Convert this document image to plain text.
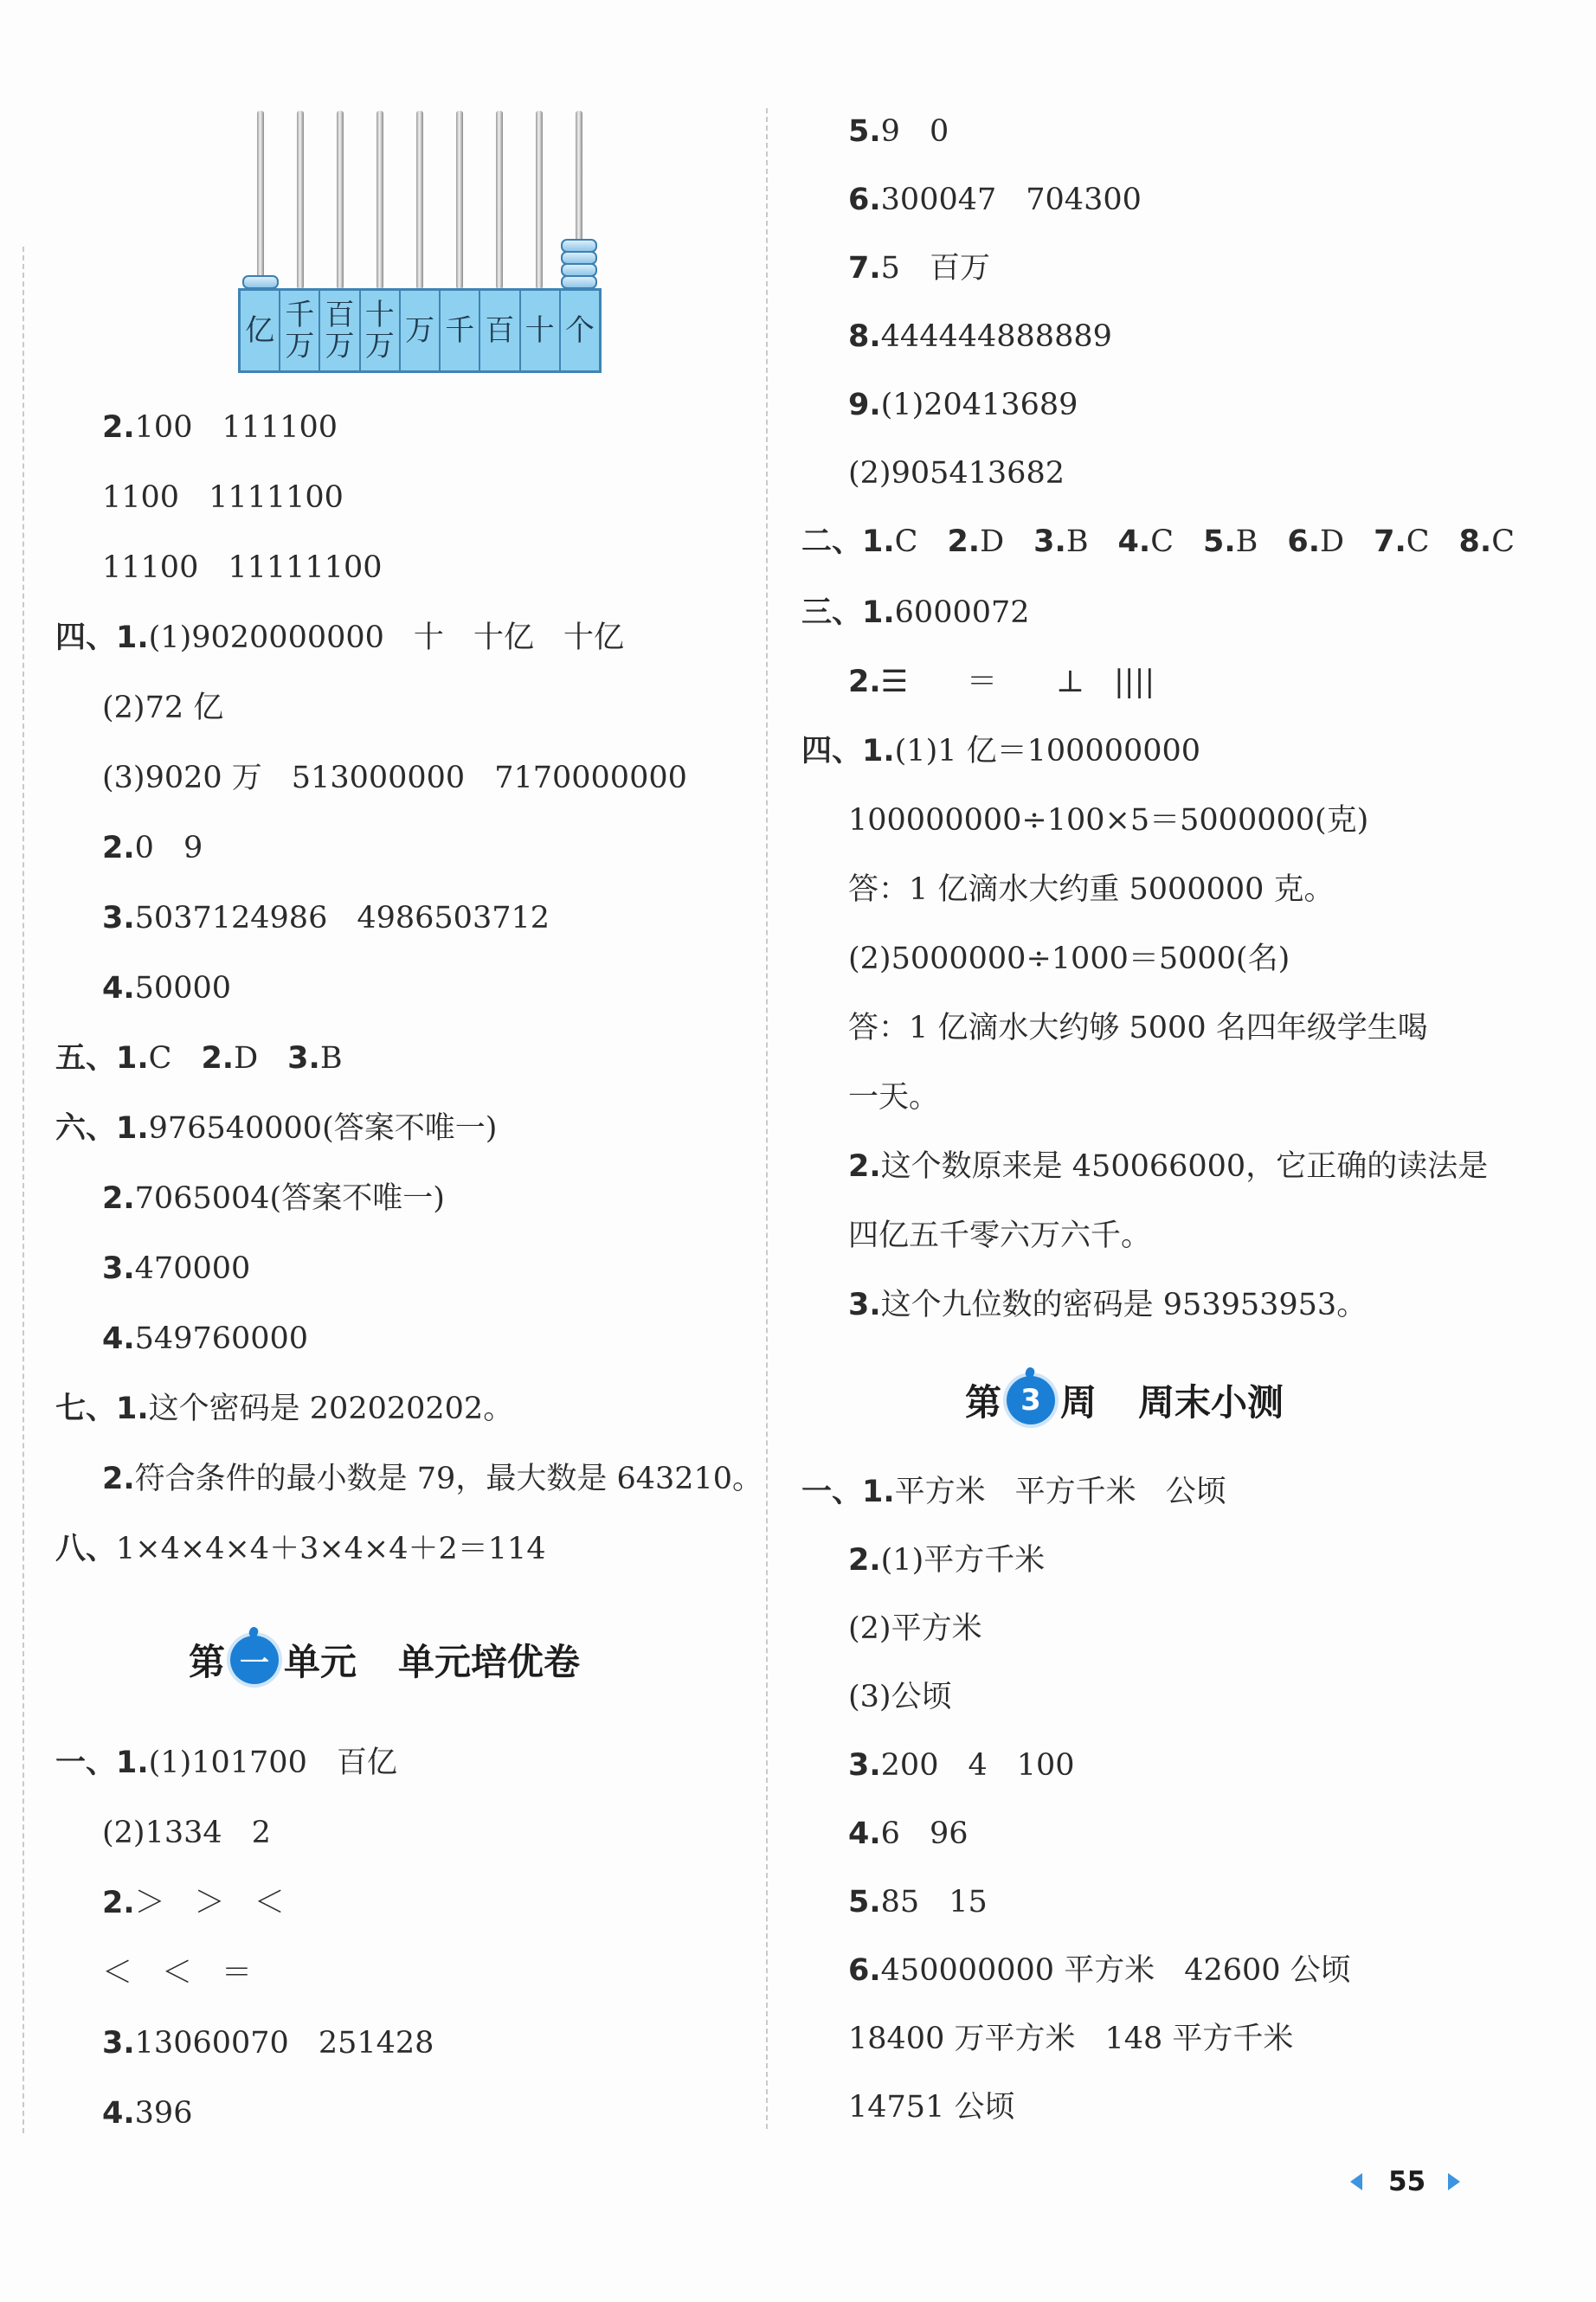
亿 千
万
百
万
十
万 万 千 百 十 个
2.100 111100
1100 1111100
11100 11111100
四、1.(1)9020000000 十 十亿 十亿
(2)72 亿
(3)9020 万 513000000 7170000000
2.0 9
3.5037124986 4986503712
4.50000
五、1.C 2.D 3.B
六、1.976540000(答案不唯一)
2.7065004(答案不唯一)
3.470000
4.549760000
七、1.这个密码是 202020202。
2.符合条件的最小数是 79，最大数是 643210。
八、1×4×4×4＋3×4×4＋2＝114
第 一 单元 单元培优卷
一、1.(1)101700 百亿
(2)1334 2
2.＞ ＞ ＜
＜ ＜ ＝
3.13060070 251428
4.396
5.9 0
6.300047 704300
7.5 百万
8.444444888889
9.(1)20413689
(2)905413682
二、1.C 2.D 3.B 4.C 5.B 6.D 7.C 8.C
三、1.6000072
2.☰ ＝ ⊥ ||||
四、1.(1)1 亿＝100000000
100000000÷100×5＝5000000(克)
答：1 亿滴水大约重 5000000 克。
(2)5000000÷1000＝5000(名)
答：1 亿滴水大约够 5000 名四年级学生喝
一天。
2.这个数原来是 450066000，它正确的读法是
四亿五千零六万六千。
3.这个九位数的密码是 953953953。
第 3 周 周末小测
一、1.平方米 平方千米 公顷
2.(1)平方千米
(2)平方米
(3)公顷
3.200 4 100
4.6 96
5.85 15
6.450000000 平方米 42600 公顷
18400 万平方米 148 平方千米
14751 公顷
55
